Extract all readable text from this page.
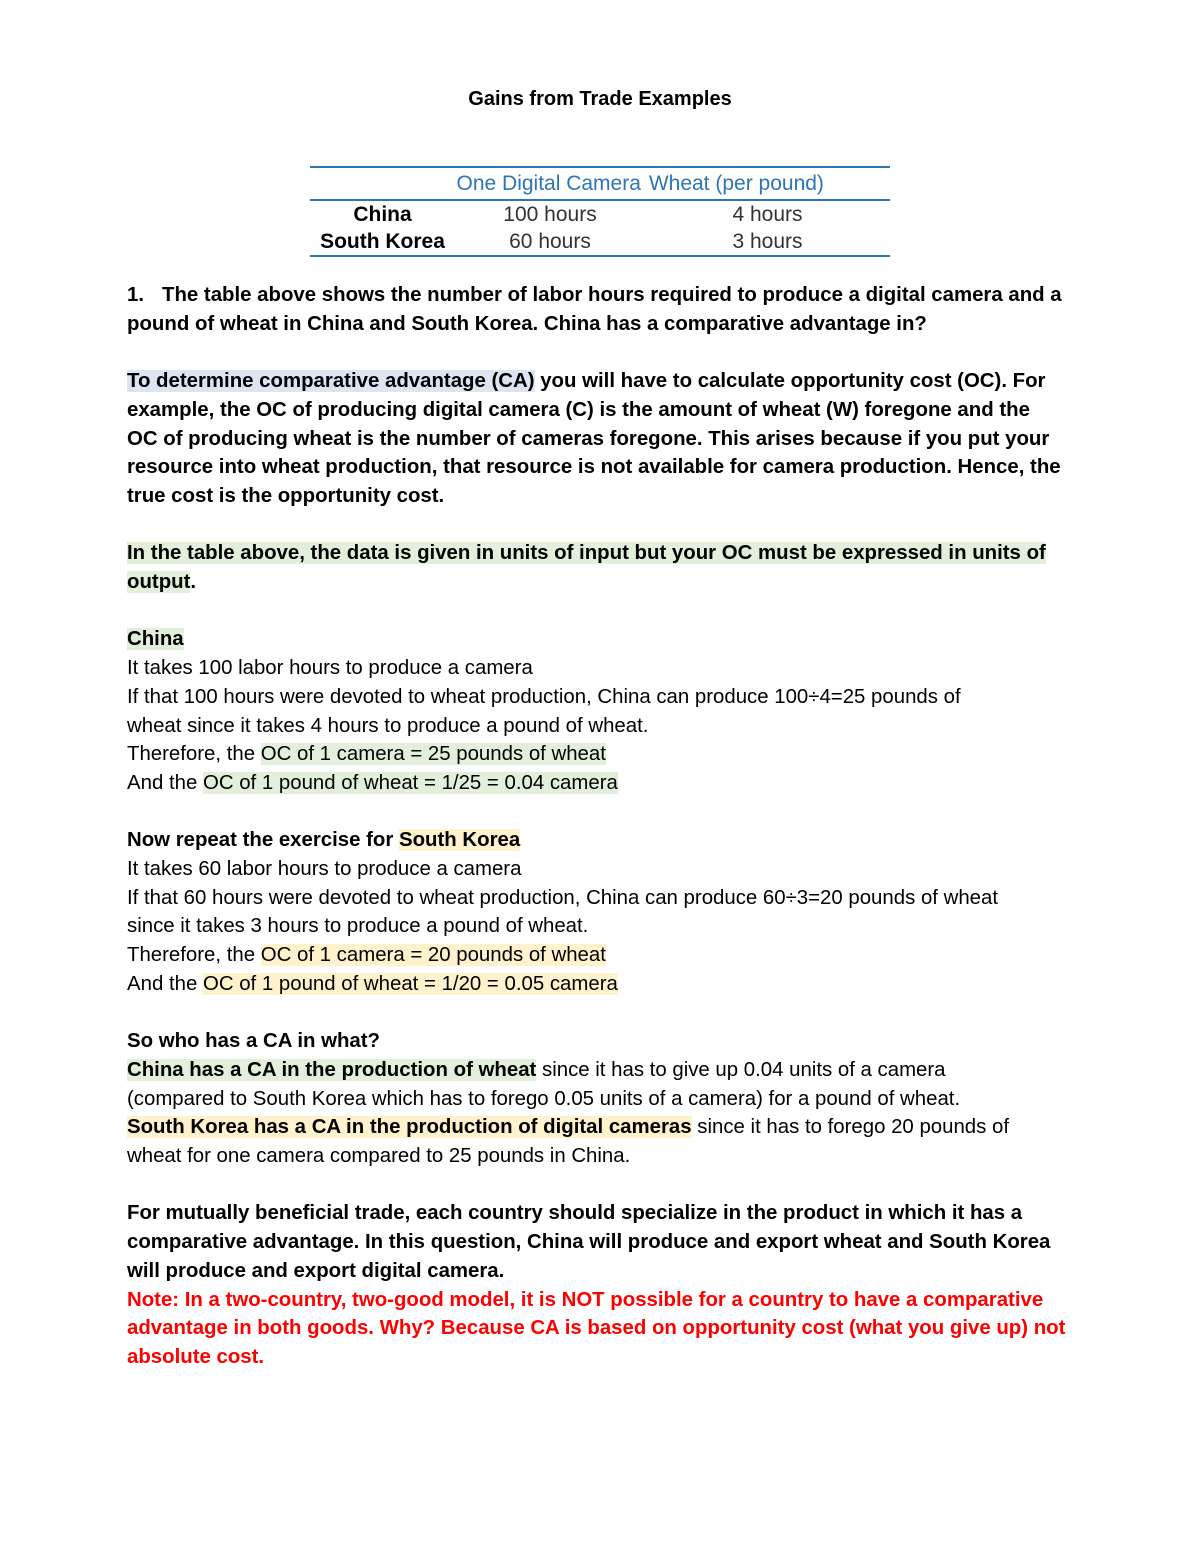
Gains from Trade Examples
One Digital Camera Wheat (per pound)
China	100 hours	4 hours
South Korea	60 hours	3 hours

1. The table above shows the number of labor hours required to produce a digital camera and a

pound of wheat in China and South Korea. China has a comparative advantage in?

To determine comparative advantage (CA) you will have to calculate opportunity cost (OC). For

example, the OC of producing digital camera (C) is the amount of wheat (W) foregone and the

OC of producing wheat is the number of cameras foregone. This arises because if you put your

resource into wheat production, that resource is not available for camera production. Hence, the

true cost is the opportunity cost.

In the table above, the data is given in units of input but your OC must be expressed in units of

output.

China

It takes 100 labor hours to produce a camera

If that 100 hours were devoted to wheat production, China can produce 100÷4=25 pounds of

wheat since it takes 4 hours to produce a pound of wheat.

Therefore, the OC of 1 camera = 25 pounds of wheat

And the OC of 1 pound of wheat = 1/25 = 0.04 camera

Now repeat the exercise for South Korea

It takes 60 labor hours to produce a camera

If that 60 hours were devoted to wheat production, China can produce 60÷3=20 pounds of wheat

since it takes 3 hours to produce a pound of wheat.

Therefore, the OC of 1 camera = 20 pounds of wheat

And the OC of 1 pound of wheat = 1/20 = 0.05 camera

So who has a CA in what?

China has a CA in the production of wheat since it has to give up 0.04 units of a camera

(compared to South Korea which has to forego 0.05 units of a camera) for a pound of wheat.

South Korea has a CA in the production of digital cameras since it has to forego 20 pounds of

wheat for one camera compared to 25 pounds in China.

For mutually beneficial trade, each country should specialize in the product in which it has a

comparative advantage. In this question, China will produce and export wheat and South Korea

will produce and export digital camera.

Note: In a two-country, two-good model, it is NOT possible for a country to have a comparative

advantage in both goods. Why? Because CA is based on opportunity cost (what you give up) not

absolute cost.
